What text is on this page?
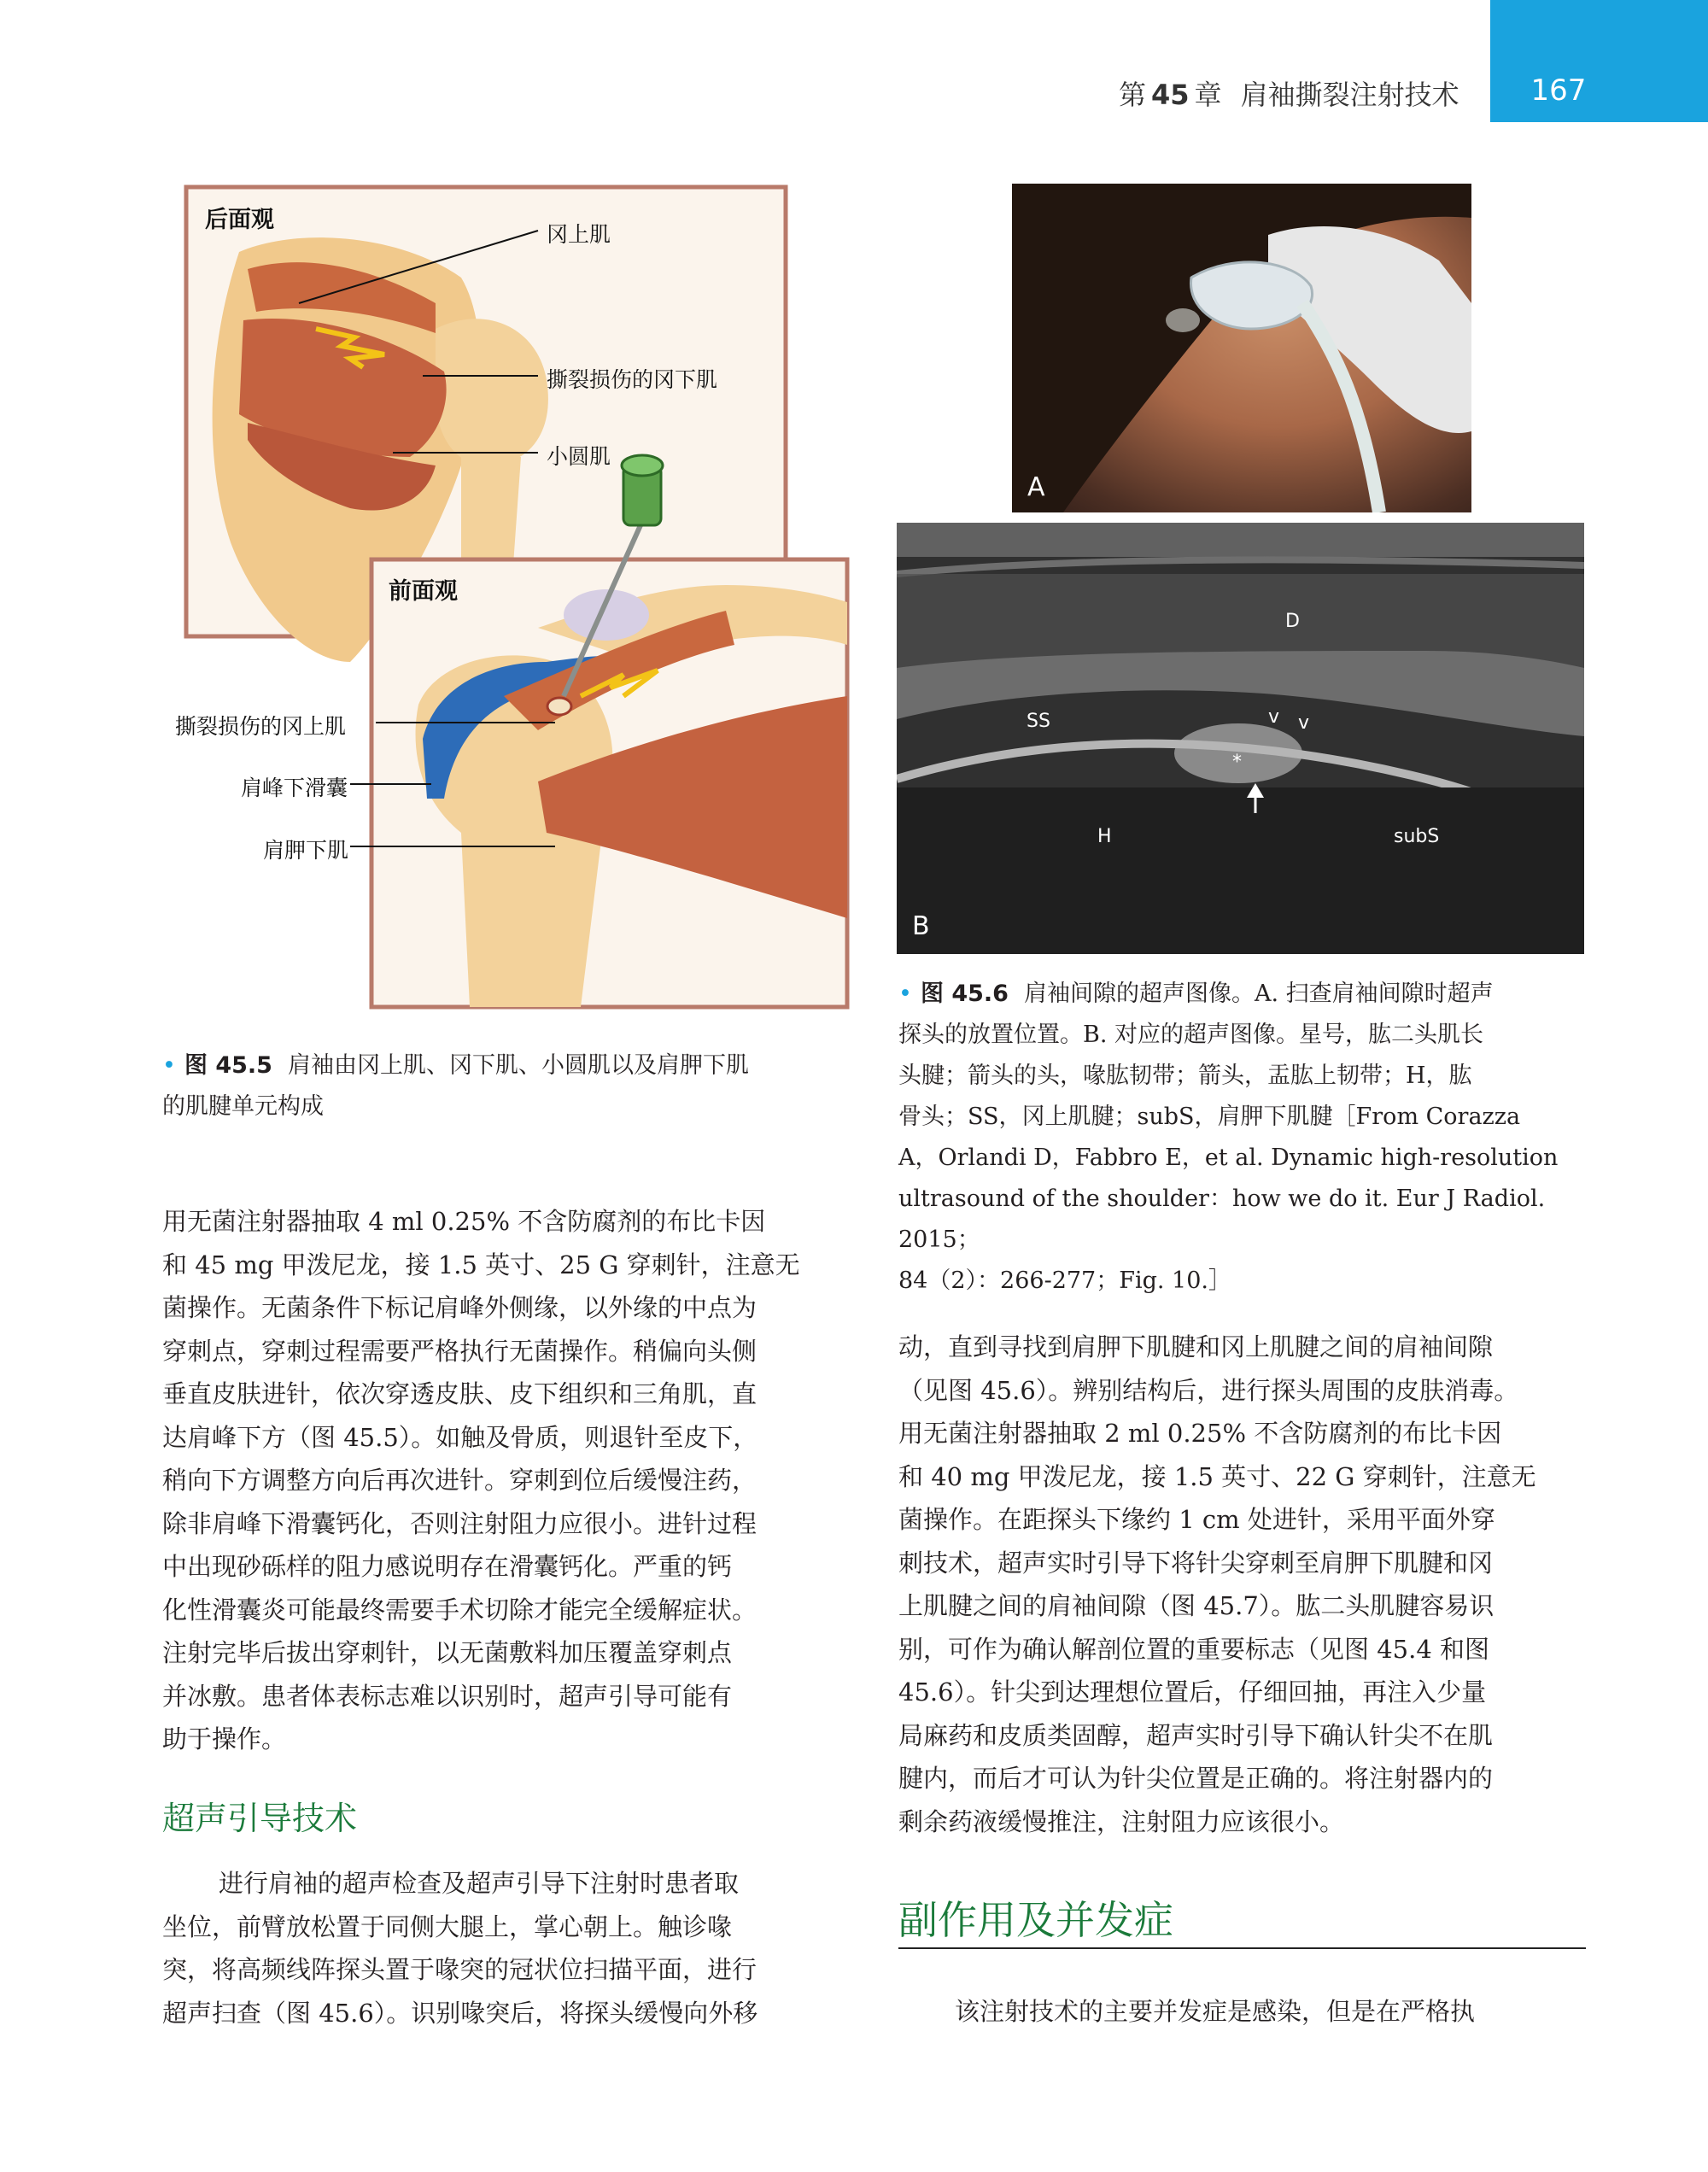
第 45 章 肩袖撕裂注射技术	167
后面观
冈上肌
撕裂损伤的冈下肌
小圆肌
前面观
撕裂损伤的冈上肌
肩峰下滑囊
肩胛下肌
• 图 45.5 肩袖由冈上肌、冈下肌、小圆肌以及肩胛下肌
的肌腱单元构成
A
D
SS	v v
*
H	subS
B
• 图 45.6 肩袖间隙的超声图像。A. 扫查肩袖间隙时超声
探头的放置位置。B. 对应的超声图像。星号，肱二头肌长
头腱；箭头的头，喙肱韧带；箭头，盂肱上韧带；H，肱
骨头；SS，冈上肌腱；subS，肩胛下肌腱［From Corazza
A，Orlandi D，Fabbro E，et al. Dynamic high-resolution
ultrasound of the shoulder：how we do it. Eur J Radiol. 2015；
84（2）：266-277；Fig. 10.］

用无菌注射器抽取 4 ml 0.25% 不含防腐剂的布比卡因

和 45 mg 甲泼尼龙，接 1.5 英寸、25 G 穿刺针，注意无

菌操作。无菌条件下标记肩峰外侧缘，以外缘的中点为

穿刺点，穿刺过程需要严格执行无菌操作。稍偏向头侧

垂直皮肤进针，依次穿透皮肤、皮下组织和三角肌，直

达肩峰下方（图 45.5）。如触及骨质，则退针至皮下，

稍向下方调整方向后再次进针。穿刺到位后缓慢注药，

除非肩峰下滑囊钙化，否则注射阻力应很小。进针过程

中出现砂砾样的阻力感说明存在滑囊钙化。严重的钙

化性滑囊炎可能最终需要手术切除才能完全缓解症状。

注射完毕后拔出穿刺针，以无菌敷料加压覆盖穿刺点

并冰敷。患者体表标志难以识别时，超声引导可能有

助于操作。

超声引导技术

进行肩袖的超声检查及超声引导下注射时患者取

坐位，前臂放松置于同侧大腿上，掌心朝上。触诊喙

突，将高频线阵探头置于喙突的冠状位扫描平面，进行

超声扫查（图 45.6）。识别喙突后，将探头缓慢向外移

动，直到寻找到肩胛下肌腱和冈上肌腱之间的肩袖间隙

（见图 45.6）。辨别结构后，进行探头周围的皮肤消毒。

用无菌注射器抽取 2 ml 0.25% 不含防腐剂的布比卡因

和 40 mg 甲泼尼龙，接 1.5 英寸、22 G 穿刺针，注意无

菌操作。在距探头下缘约 1 cm 处进针，采用平面外穿

刺技术，超声实时引导下将针尖穿刺至肩胛下肌腱和冈

上肌腱之间的肩袖间隙（图 45.7）。肱二头肌腱容易识

别，可作为确认解剖位置的重要标志（见图 45.4 和图

45.6）。针尖到达理想位置后，仔细回抽，再注入少量

局麻药和皮质类固醇，超声实时引导下确认针尖不在肌

腱内，而后才可认为针尖位置是正确的。将注射器内的

剩余药液缓慢推注，注射阻力应该很小。

副作用及并发症

该注射技术的主要并发症是感染，但是在严格执
